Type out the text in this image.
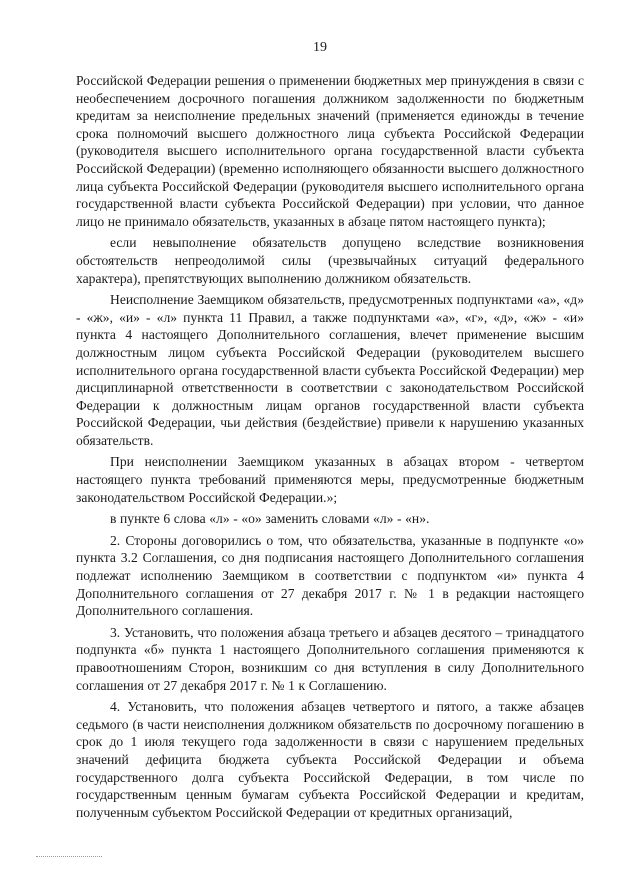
19

Российской Федерации решения о применении бюджетных мер принуждения в связи с необеспечением досрочного погашения должником задолженности по бюджетным кредитам за неисполнение предельных значений (применяется единожды в течение срока полномочий высшего должностного лица субъекта Российской Федерации (руководителя высшего исполнительного органа государственной власти субъекта Российской Федерации) (временно исполняющего обязанности высшего должностного лица субъекта Российской Федерации (руководителя высшего исполнительного органа государственной власти субъекта Российской Федерации) при условии, что данное лицо не принимало обязательств, указанных в абзаце пятом настоящего пункта);

если невыполнение обязательств допущено вследствие возникновения обстоятельств непреодолимой силы (чрезвычайных ситуаций федерального характера), препятствующих выполнению должником обязательств.

Неисполнение Заемщиком обязательств, предусмотренных подпунктами «а», «д» - «ж», «и» - «л» пункта 11 Правил, а также подпунктами «а», «г», «д», «ж» - «и» пункта 4 настоящего Дополнительного соглашения, влечет применение высшим должностным лицом субъекта Российской Федерации (руководителем высшего исполнительного органа государственной власти субъекта Российской Федерации) мер дисциплинарной ответственности в соответствии с законодательством Российской Федерации к должностным лицам органов государственной власти субъекта Российской Федерации, чьи действия (бездействие) привели к нарушению указанных обязательств.

При неисполнении Заемщиком указанных в абзацах втором - четвертом настоящего пункта требований применяются меры, предусмотренные бюджетным законодательством Российской Федерации.»;

в пункте 6 слова «л» - «о» заменить словами «л» - «н».

2. Стороны договорились о том, что обязательства, указанные в подпункте «о» пункта 3.2 Соглашения, со дня подписания настоящего Дополнительного соглашения подлежат исполнению Заемщиком в соответствии с подпунктом «и» пункта 4 Дополнительного соглашения от 27 декабря 2017 г. № 1 в редакции настоящего Дополнительного соглашения.

3. Установить, что положения абзаца третьего и абзацев десятого – тринадцатого подпункта «б» пункта 1 настоящего Дополнительного соглашения применяются к правоотношениям Сторон, возникшим со дня вступления в силу Дополнительного соглашения от 27 декабря 2017 г. № 1 к Соглашению.

4. Установить, что положения абзацев четвертого и пятого, а также абзацев седьмого (в части неисполнения должником обязательств по досрочному погашению в срок до 1 июля текущего года задолженности в связи с нарушением предельных значений дефицита бюджета субъекта Российской Федерации и объема государственного долга субъекта Российской Федерации, в том числе по государственным ценным бумагам субъекта Российской Федерации и кредитам, полученным субъектом Российской Федерации от кредитных организаций,
